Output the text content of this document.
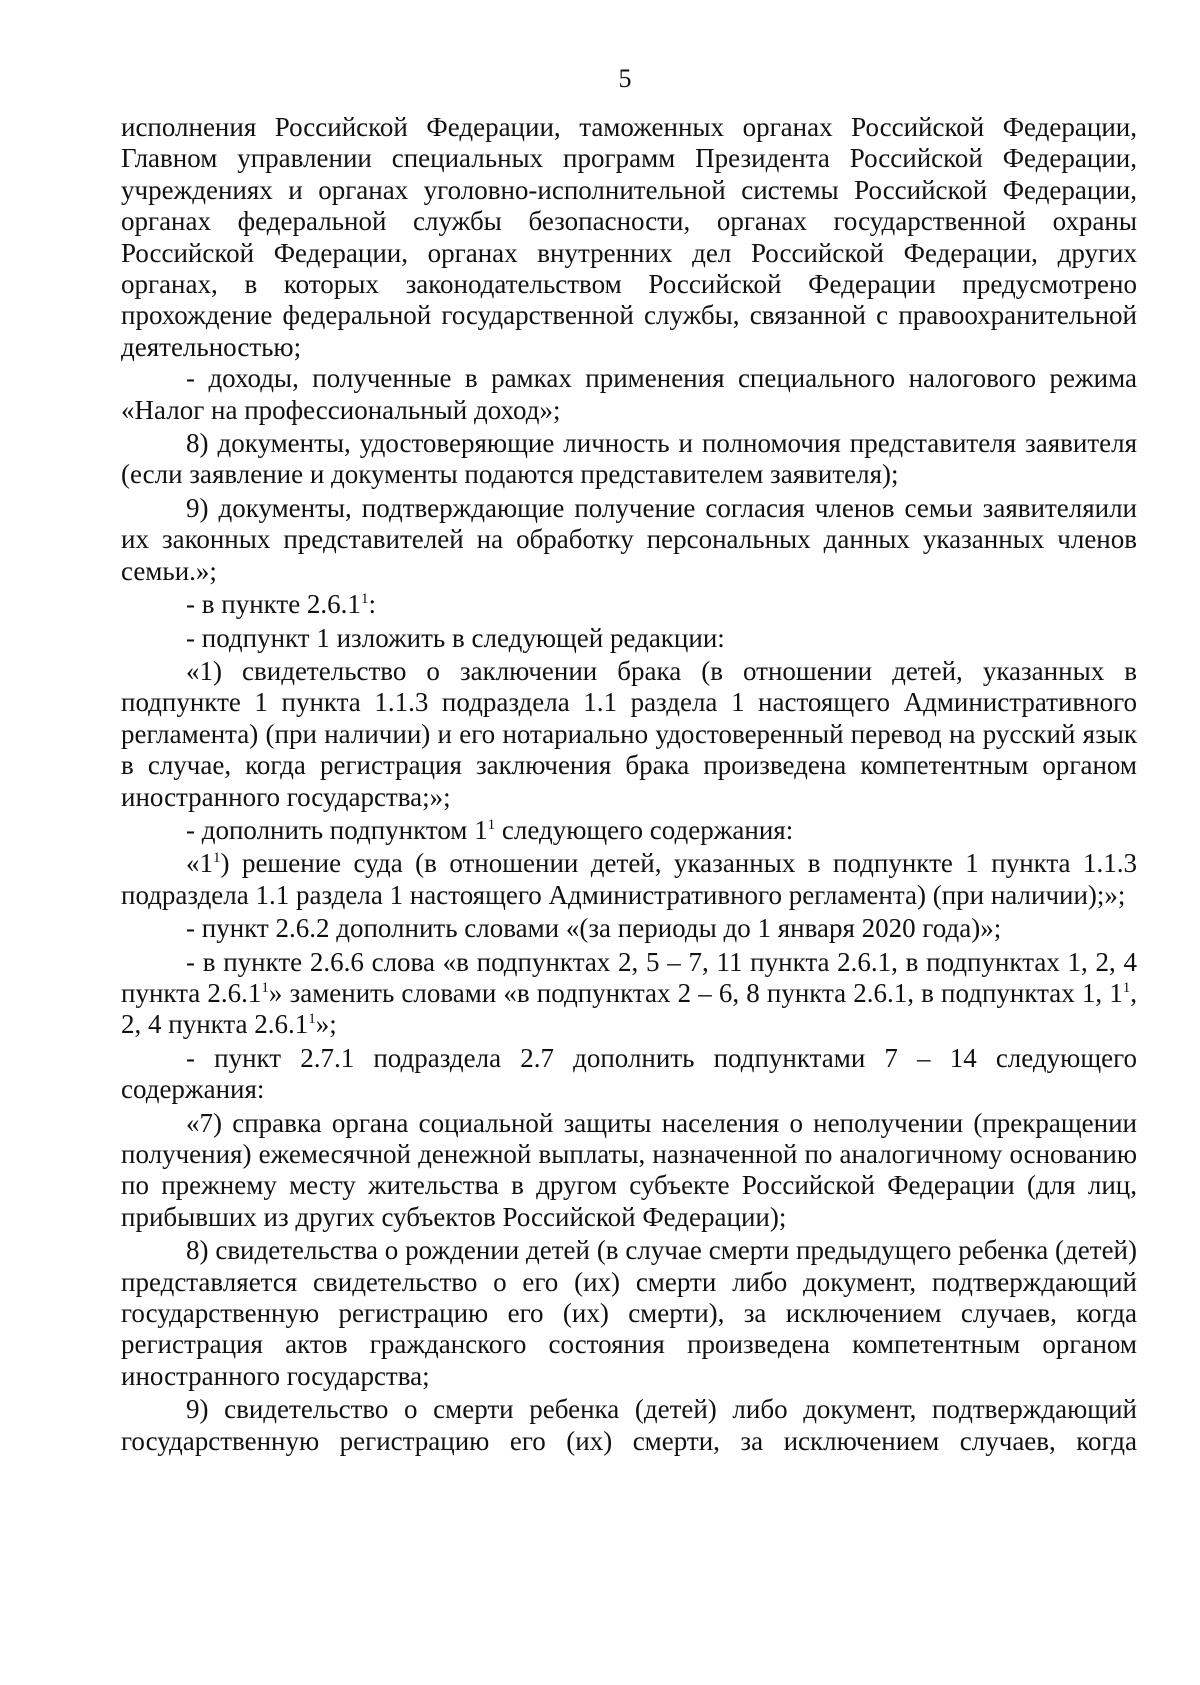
5

исполнения Российской Федерации, таможенных органах Российской Федерации, Главном управлении специальных программ Президента Российской Федерации, учреждениях и органах уголовно-исполнительной системы Российской Федерации, органах федеральной службы безопасности, органах государственной охраны Российской Федерации, органах внутренних дел Российской Федерации, других органах, в которых законодательством Российской Федерации предусмотрено прохождение федеральной государственной службы, связанной с правоохранительной деятельностью;

- доходы, полученные в рамках применения специального налогового режима «Налог на профессиональный доход»;

8) документы, удостоверяющие личность и полномочия представителя заявителя (если заявление и документы подаются представителем заявителя);

9) документы, подтверждающие получение согласия членов семьи заявителяили их законных представителей на обработку персональных данных указанных членов семьи.»;

- в пункте 2.6.1$^1$:

- подпункт 1 изложить в следующей редакции:

«1) свидетельство о заключении брака (в отношении детей, указанных в подпункте 1 пункта 1.1.3 подраздела 1.1 раздела 1 настоящего Административного регламента) (при наличии) и его нотариально удостоверенный перевод на русский язык в случае, когда регистрация заключения брака произведена компетентным органом иностранного государства;»;

- дополнить подпунктом $1^1$ следующего содержания:

«$1^1$) решение суда (в отношении детей, указанных в подпункте 1 пункта 1.1.3 подраздела 1.1 раздела 1 настоящего Административного регламента) (при наличии);»;

- пункт 2.6.2 дополнить словами «(за периоды до 1 января 2020 года)»;

- в пункте 2.6.6 слова «в подпунктах 2, 5 – 7, 11 пункта 2.6.1, в подпунктах 1, 2, 4 пункта 2.6.1$^1$» заменить словами «в подпунктах 2 – 6, 8 пункта 2.6.1, в подпунктах 1, $1^1$, 2, 4 пункта 2.6.1$^1$»;

- пункт 2.7.1 подраздела 2.7 дополнить подпунктами 7 – 14 следующего содержания:

«7) справка органа социальной защиты населения о неполучении (прекращении получения) ежемесячной денежной выплаты, назначенной по аналогичному основанию по прежнему месту жительства в другом субъекте Российской Федерации (для лиц, прибывших из других субъектов Российской Федерации);

8) свидетельства о рождении детей (в случае смерти предыдущего ребенка (детей) представляется свидетельство о его (их) смерти либо документ, подтверждающий государственную регистрацию его (их) смерти), за исключением случаев, когда регистрация актов гражданского состояния произведена компетентным органом иностранного государства;

9) свидетельство о смерти ребенка (детей) либо документ, подтверждающий государственную регистрацию его (их) смерти, за исключением случаев, когда
